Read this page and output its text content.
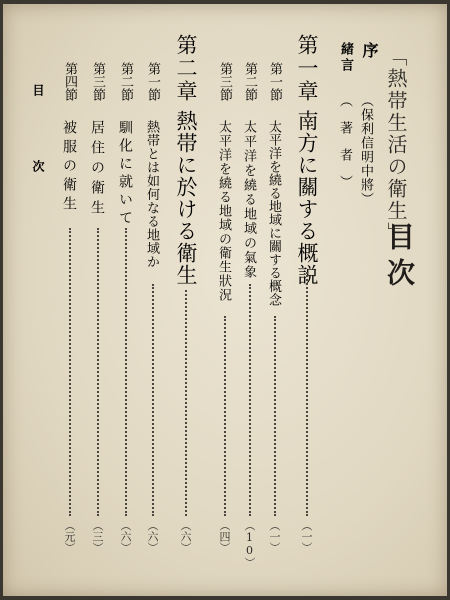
目次
「熱帯生活の衛生」
序
（保利信明中將）
緒言
（著者）
第一章
南方に關する概説
（一）
第一節
太平洋を繞る地域に關する概念
（一）
第二節
太平洋を繞る地域の氣象
（10）
第三節
太平洋を繞る地域の衛生狀況
（四）
第二章
熱帯に於ける衛生
（六）
第一節
熱帯とは如何なる地域か
（六）
第二節
馴化に就いて
（六）
第三節
居住の衛生
（三）
第四節
被服の衛生
（元）
目
次
